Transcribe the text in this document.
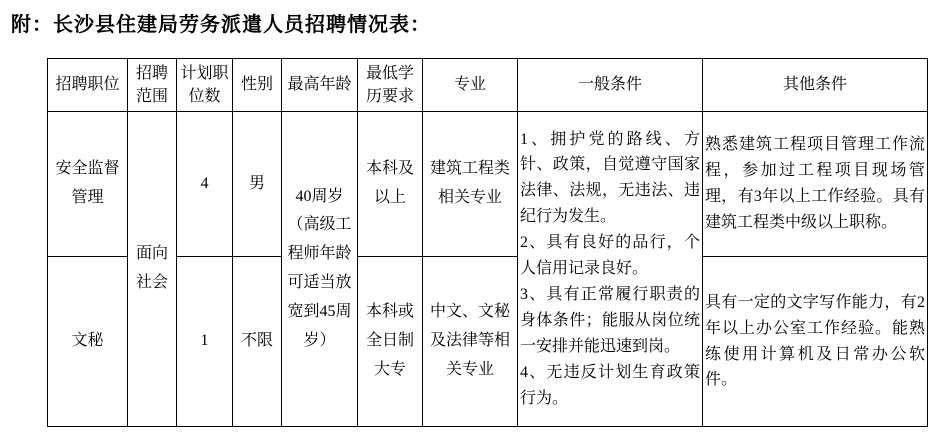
附：长沙县住建局劳务派遣人员招聘情况表：
招聘职位	招聘范围	计划职位数	性别	最高年龄	最低学历要求	专业	一般条件	其他条件
安全监督管理	面向社会	4	男	40周岁（高级工程师年龄可适当放宽到45周岁）	本科及以上	建筑工程类相关专业	1、拥护党的路线、方针、政策，自觉遵守国家法律、法规，无违法、违纪行为发生。
2、具有良好的品行，个人信用记录良好。
3、具有正常履行职责的身体条件；能服从岗位统一安排并能迅速到岗。
4、无违反计划生育政策行为。	熟悉建筑工程项目管理工作流程，参加过工程项目现场管理，有3年以上工作经验。具有建筑工程类中级以上职称。
文秘		1	不限		本科或全日制大专	中文、文秘及法律等相关专业		具有一定的文字写作能力，有2年以上办公室工作经验。能熟练使用计算机及日常办公软件。
